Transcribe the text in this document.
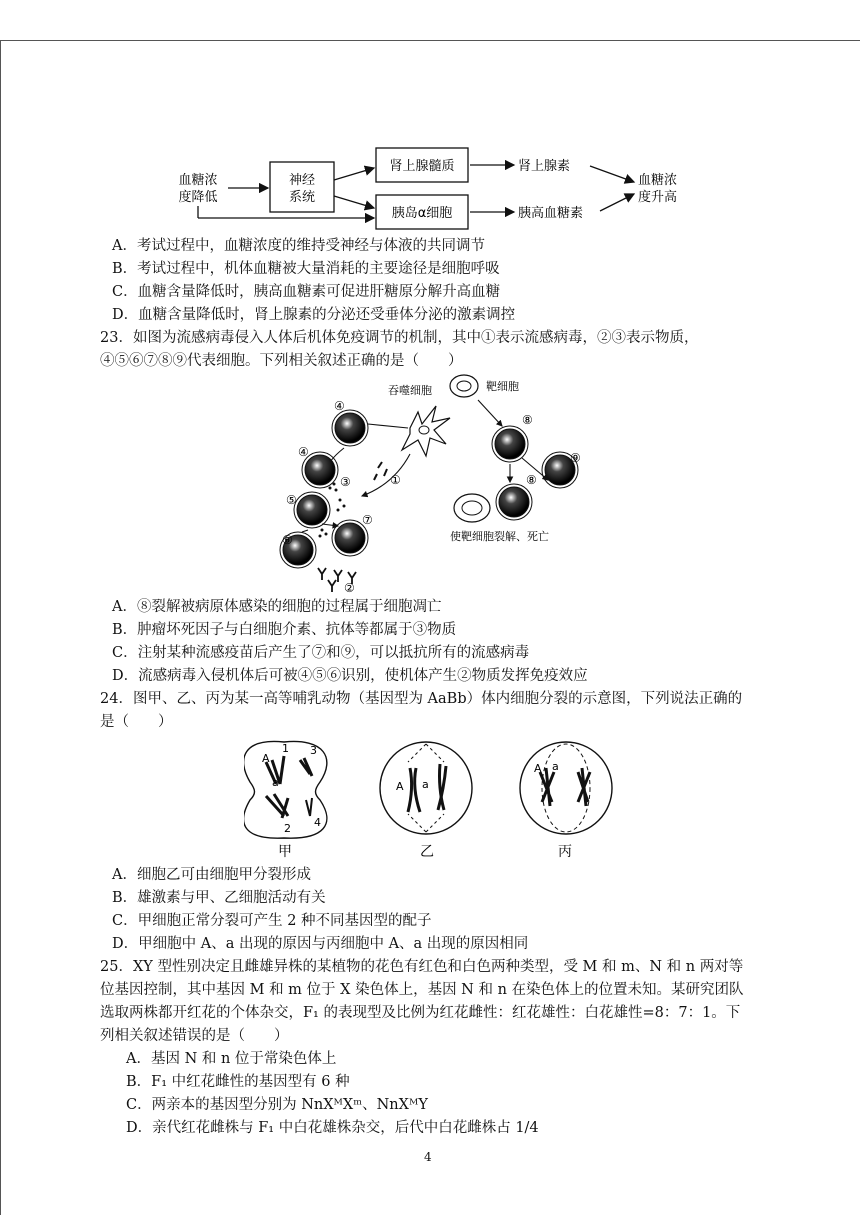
血糖浓
度降低
神经
系统
肾上腺髓质
胰岛α细胞
肾上腺素
胰高血糖素
血糖浓
度升高
A．考试过程中，血糖浓度的维持受神经与体液的共同调节
B．考试过程中，机体血糖被大量消耗的主要途径是细胞呼吸
C．血糖含量降低时，胰高血糖素可促进肝糖原分解升高血糖
D．血糖含量降低时，肾上腺素的分泌还受垂体分泌的激素调控
23．如图为流感病毒侵入人体后机体免疫调节的机制，其中①表示流感病毒，②③表示物质，
④⑤⑥⑦⑧⑨代表细胞。下列相关叙述正确的是（　　）
吞噬细胞	靶细胞
⑧
⑨
⑧
使靶细胞裂解、死亡
④
④
③	①
⑤
⑦
⑥
②
A．⑧裂解被病原体感染的细胞的过程属于细胞凋亡
B．肿瘤坏死因子与白细胞介素、抗体等都属于③物质
C．注射某种流感疫苗后产生了⑦和⑨，可以抵抗所有的流感病毒
D．流感病毒入侵机体后可被④⑤⑥识别，使机体产生②物质发挥免疫效应
24．图甲、乙、丙为某一高等哺乳动物（基因型为 AaBb）体内细胞分裂的示意图，下列说法正确的
是（　　）
A
1
a
3
2 4
A a
A a
甲	乙	丙
A．细胞乙可由细胞甲分裂形成
B．雄激素与甲、乙细胞活动有关
C．甲细胞正常分裂可产生 2 种不同基因型的配子
D．甲细胞中 A、a 出现的原因与丙细胞中 A、a 出现的原因相同
25．XY 型性别决定且雌雄异株的某植物的花色有红色和白色两种类型，受 M 和 m、N 和 n 两对等
位基因控制，其中基因 M 和 m 位于 X 染色体上，基因 N 和 n 在染色体上的位置未知。某研究团队
选取两株都开红花的个体杂交，F₁ 的表现型及比例为红花雌性：红花雄性：白花雄性=8：7：1。下
列相关叙述错误的是（　　）
A．基因 N 和 n 位于常染色体上
B．F₁ 中红花雌性的基因型有 6 种
C．两亲本的基因型分别为 NnXᴹXᵐ、NnXᴹY
D．亲代红花雌株与 F₁ 中白花雄株杂交，后代中白花雌株占 1/4
4
